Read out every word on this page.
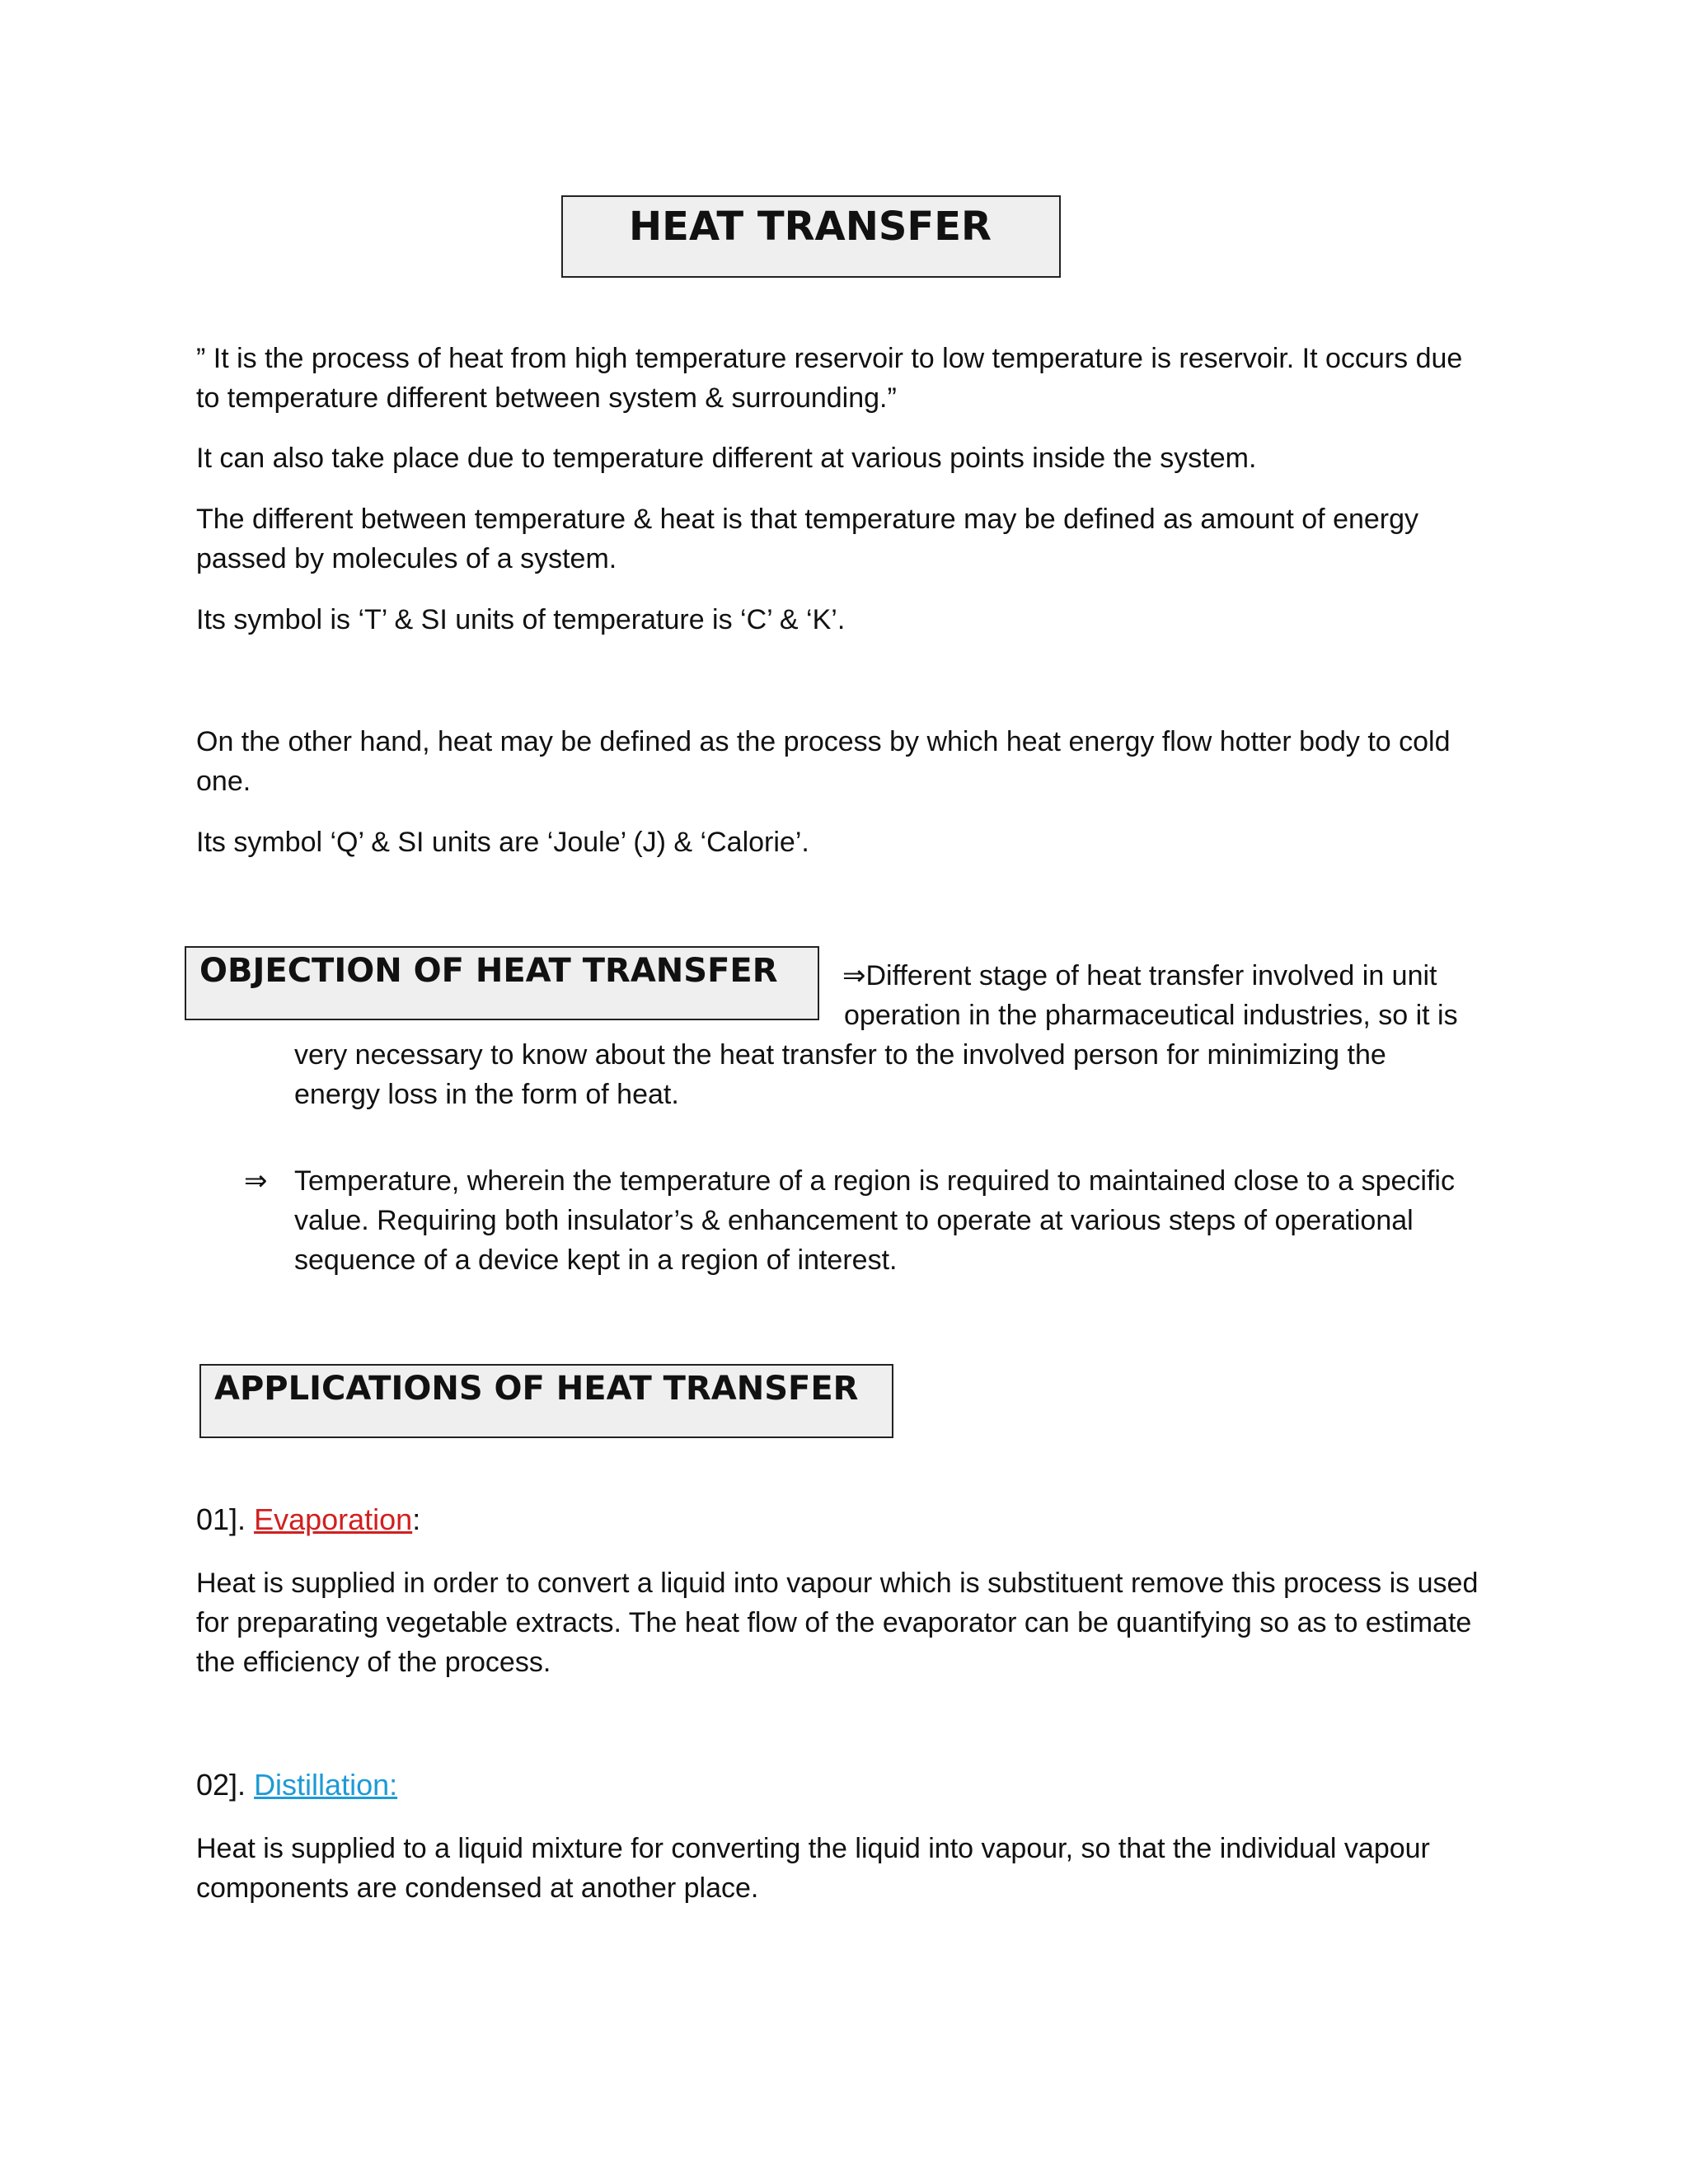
HEAT TRANSFER

” It is the process of heat from high temperature reservoir to low temperature is reservoir. It occurs due

to temperature different between system & surrounding.”

It can also take place due to temperature different at various points inside the system.

The different between temperature & heat is that temperature may be defined as amount of energy

passed by molecules of a system.

Its symbol is ‘T’ & SI units of temperature is ‘C’ & ‘K’.

On the other hand, heat may be defined as the process by which heat energy flow hotter body to cold

one.

Its symbol ‘Q’ & SI units are ‘Joule’ (J) & ‘Calorie’.

OBJECTION OF HEAT TRANSFER ⇒Different stage of heat transfer involved in unit

operation in the pharmaceutical industries, so it is

very necessary to know about the heat transfer to the involved person for minimizing the

energy loss in the form of heat.

⇒ Temperature, wherein the temperature of a region is required to maintained close to a specific

value. Requiring both insulator’s & enhancement to operate at various steps of operational

sequence of a device kept in a region of interest.

APPLICATIONS OF HEAT TRANSFER

01]. Evaporation:

Heat is supplied in order to convert a liquid into vapour which is substituent remove this process is used

for preparating vegetable extracts. The heat flow of the evaporator can be quantifying so as to estimate

the efficiency of the process.

02]. Distillation:

Heat is supplied to a liquid mixture for converting the liquid into vapour, so that the individual vapour

components are condensed at another place.
